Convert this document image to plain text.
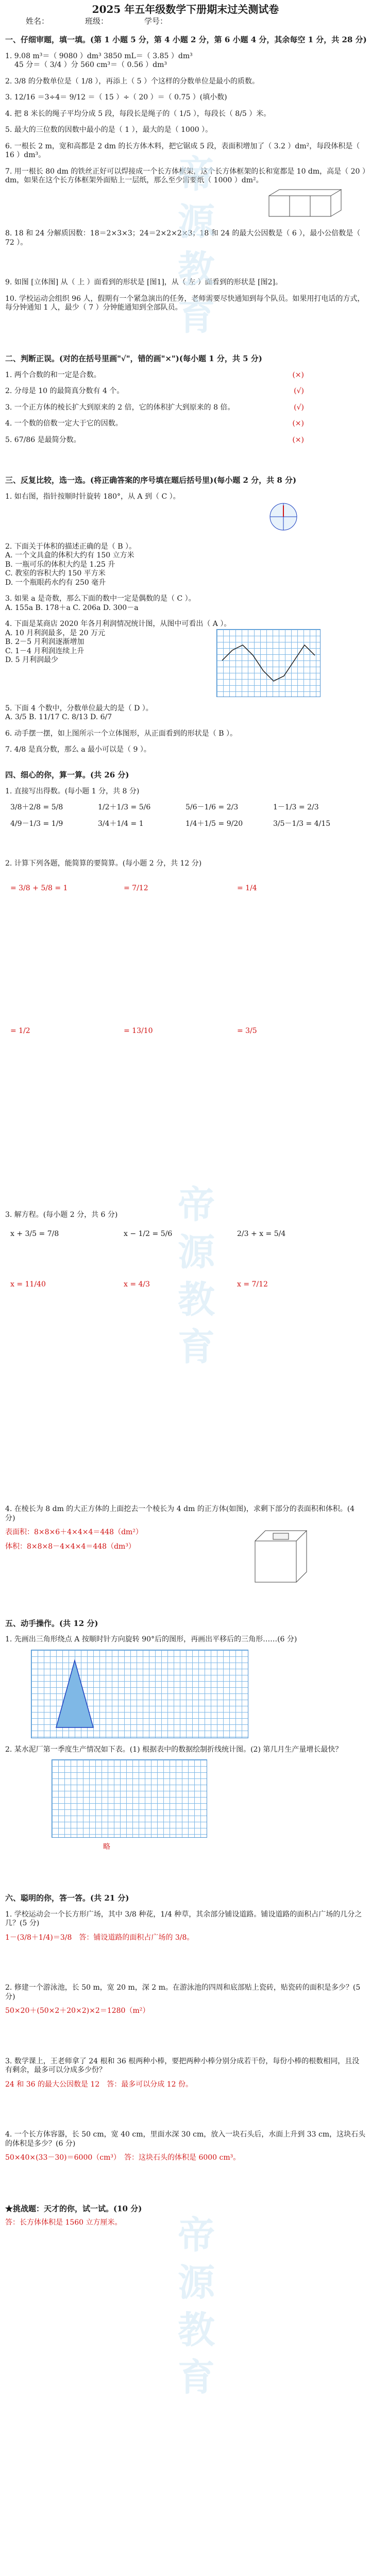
帝源教育
帝源教育
帝源教育
2025 年五年级数学下册期末过关测试卷
姓名：	班级：	学号：
一、仔细审题，填一填。(第 1 小题 5 分，第 4 小题 2 分，第 6 小题 4 分，其余每空 1 分，共 28 分)
1. 9.08 m³＝（ 9080 ）dm³ 3850 mL＝（ 3.85 ）dm³
45 分＝（ 3/4 ）分 560 cm³＝（ 0.56 ）dm³
2. 3/8 的分数单位是（ 1/8 ），再添上（ 5 ）个这样的分数单位是最小的质数。
3. 12/16 ＝3÷4＝ 9/12 ＝（ 15 ）÷（ 20 ）＝（ 0.75 ）(填小数)
4. 把 8 米长的绳子平均分成 5 段，每段长是绳子的（ 1/5 ），每段长（ 8/5 ）米。
5. 最大的三位数的因数中最小的是（ 1 ），最大的是（ 1000 ）。
6. 一根长 2 m，宽和高都是 2 dm 的长方体木料，把它锯成 5 段，表面积增加了（ 3.2 ）dm²，每段体积是（ 16 ）dm³。
7. 用一根长 80 dm 的铁丝正好可以焊接成一个长方体框架，这个长方体框架的长和宽都是 10 dm，高是（ 20 ）dm，如果在这个长方体框架外面贴上一层纸，那么至少需要纸（ 1000 ）dm²。
8. 18 和 24 分解质因数：18＝2×3×3；24＝2×2×2×3；18 和 24 的最大公因数是（ 6 ），最小公倍数是（ 72 ）。
9. 如图 [立体图] 从（ 上 ）面看到的形状是 [图1]，从（ 左 ）面看到的形状是 [图2]。
10. 学校运动会组织 96 人，假期有一个紧急演出的任务，老师需要尽快通知到每个队员。如果用打电话的方式，每分钟通知 1 人，最少（ 7 ）分钟能通知到全部队员。
二、判断正误。(对的在括号里画"√"，错的画"×")(每小题 1 分，共 5 分)
1. 两个合数的和一定是合数。	(×)
2. 分母是 10 的最简真分数有 4 个。	(√)
3. 一个正方体的棱长扩大到原来的 2 倍，它的体积扩大到原来的 8 倍。	(√)
4. 一个数的倍数一定大于它的因数。	(×)
5. 67/86 是最简分数。	(×)
三、反复比较，选一选。(将正确答案的序号填在题后括号里)(每小题 2 分，共 8 分)
1. 如右图，指针按顺时针旋转 180°，从 A 到（ C ）。
2. 下面关于体积的描述正确的是（ B ）。
A. 一个文具盒的体积大约有 150 立方米
B. 一瓶可乐的体积大约是 1.25 升
C. 教室的容积大约 150 平方米
D. 一个瓶眼药水约有 250 毫升
3. 如果 a 是奇数，那么下面的数中一定是偶数的是（ C ）。
A. 155a B. 178＋a C. 206a D. 300－a
4. 下面是某商店 2020 年各月利润情况统计图，从图中可看出（ A ）。
A. 10 月利润最多，是 20 万元
B. 2－5 月利润逐渐增加
C. 1－4 月利润连续上升
D. 5 月利润最少
5. 下面 4 个数中，分数单位最大的是（ D ）。
A. 3/5 B. 11/17 C. 8/13 D. 6/7
6. 动手摆一摆，如上图所示一个立体图形，从正面看到的形状是（ B ）。
7. 4/8 是真分数，那么 a 最小可以是（ 9 ）。
四、细心的你，算一算。(共 26 分)
1. 直接写出得数。(每小题 1 分，共 8 分)
3/8＋2/8 = 5/8	1/2＋1/3 = 5/6	5/6－1/6 = 2/3	1－1/3 = 2/3
4/9－1/3 = 1/9	3/4＋1/4 = 1	1/4＋1/5 = 9/20	3/5－1/3 = 4/15
2. 计算下列各题，能简算的要简算。(每小题 2 分，共 12 分)
= 3/8 + 5/8 = 1	= 7/12	= 1/4
= 1/2	= 13/10	= 3/5
3. 解方程。(每小题 2 分，共 6 分)
x + 3/5 = 7/8	x − 1/2 = 5/6	2/3 + x = 5/4
x = 11/40	x = 4/3	x = 7/12
4. 在棱长为 8 dm 的大正方体的上面挖去一个棱长为 4 dm 的正方体(如图)，求剩下部分的表面积和体积。(4 分)
表面积：8×8×6＋4×4×4＝448（dm²）
体积：8×8×8－4×4×4＝448（dm³）
五、动手操作。(共 12 分)
1. 先画出三角形绕点 A 按顺时针方向旋转 90°后的图形，再画出平移后的三角形……(6 分)
2. 某水泥厂第一季度生产情况如下表。(1) 根据表中的数据绘制折线统计图。(2) 第几月生产量增长最快？
略
六、聪明的你，答一答。(共 21 分)
1. 学校运动会一个长方形广场，其中 3/8 种花，1/4 种草，其余部分铺设道路。铺设道路的面积占广场的几分之几？(5 分)
1－(3/8＋1/4)＝3/8　答：铺设道路的面积占广场的 3/8。
2. 修建一个游泳池，长 50 m，宽 20 m，深 2 m。在游泳池的四周和底部贴上瓷砖，贴瓷砖的面积是多少？(5 分)
50×20＋(50×2＋20×2)×2＝1280（m²）
3. 数学课上，王老师拿了 24 根和 36 根两种小棒，要把两种小棒分别分成若干份，每份小棒的根数相同，且没有剩余，最多可以分成多少份？
24 和 36 的最大公因数是 12　答：最多可以分成 12 份。
4. 一个长方体容器，长 50 cm，宽 40 cm，里面水深 30 cm，放入一块石头后，水面上升到 33 cm，这块石头的体积是多少？(6 分)
50×40×(33－30)＝6000（cm³）　答：这块石头的体积是 6000 cm³。
★挑战题：天才的你，试一试。(10 分)
答：长方体体积是 1560 立方厘米。
